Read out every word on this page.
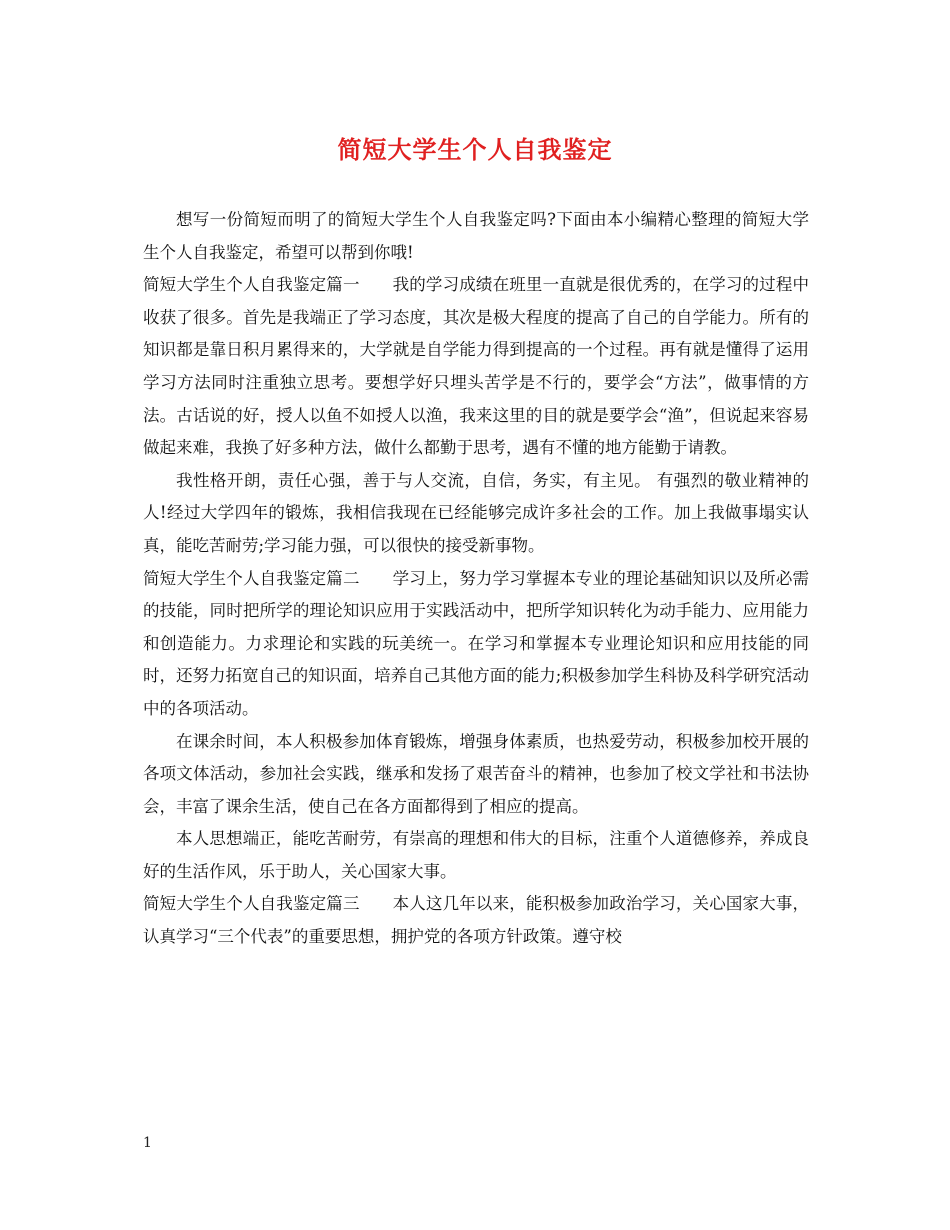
简短大学生个人自我鉴定

想写一份简短而明了的简短大学生个人自我鉴定吗?下面由本小编精心整理的简短大学生个人自我鉴定，希望可以帮到你哦!

简短大学生个人自我鉴定篇一 我的学习成绩在班里一直就是很优秀的，在学习的过程中收获了很多。首先是我端正了学习态度，其次是极大程度的提高了自己的自学能力。所有的知识都是靠日积月累得来的，大学就是自学能力得到提高的一个过程。再有就是懂得了运用学习方法同时注重独立思考。要想学好只埋头苦学是不行的，要学会“方法”，做事情的方法。古话说的好，授人以鱼不如授人以渔，我来这里的目的就是要学会“渔”，但说起来容易做起来难，我换了好多种方法，做什么都勤于思考，遇有不懂的地方能勤于请教。

我性格开朗，责任心强，善于与人交流，自信，务实，有主见。 有强烈的敬业精神的人!经过大学四年的锻炼，我相信我现在已经能够完成许多社会的工作。加上我做事塌实认真，能吃苦耐劳;学习能力强，可以很快的接受新事物。

简短大学生个人自我鉴定篇二 学习上，努力学习掌握本专业的理论基础知识以及所必需的技能，同时把所学的理论知识应用于实践活动中，把所学知识转化为动手能力、应用能力和创造能力。力求理论和实践的玩美统一。在学习和掌握本专业理论知识和应用技能的同时，还努力拓宽自己的知识面，培养自己其他方面的能力;积极参加学生科协及科学研究活动中的各项活动。

在课余时间，本人积极参加体育锻炼，增强身体素质，也热爱劳动，积极参加校开展的各项文体活动，参加社会实践，继承和发扬了艰苦奋斗的精神，也参加了校文学社和书法协会，丰富了课余生活，使自己在各方面都得到了相应的提高。

本人思想端正，能吃苦耐劳，有崇高的理想和伟大的目标，注重个人道德修养，养成良好的生活作风，乐于助人，关心国家大事。

简短大学生个人自我鉴定篇三 本人这几年以来，能积极参加政治学习，关心国家大事，认真学习“三个代表”的重要思想，拥护党的各项方针政策。遵守校

1
